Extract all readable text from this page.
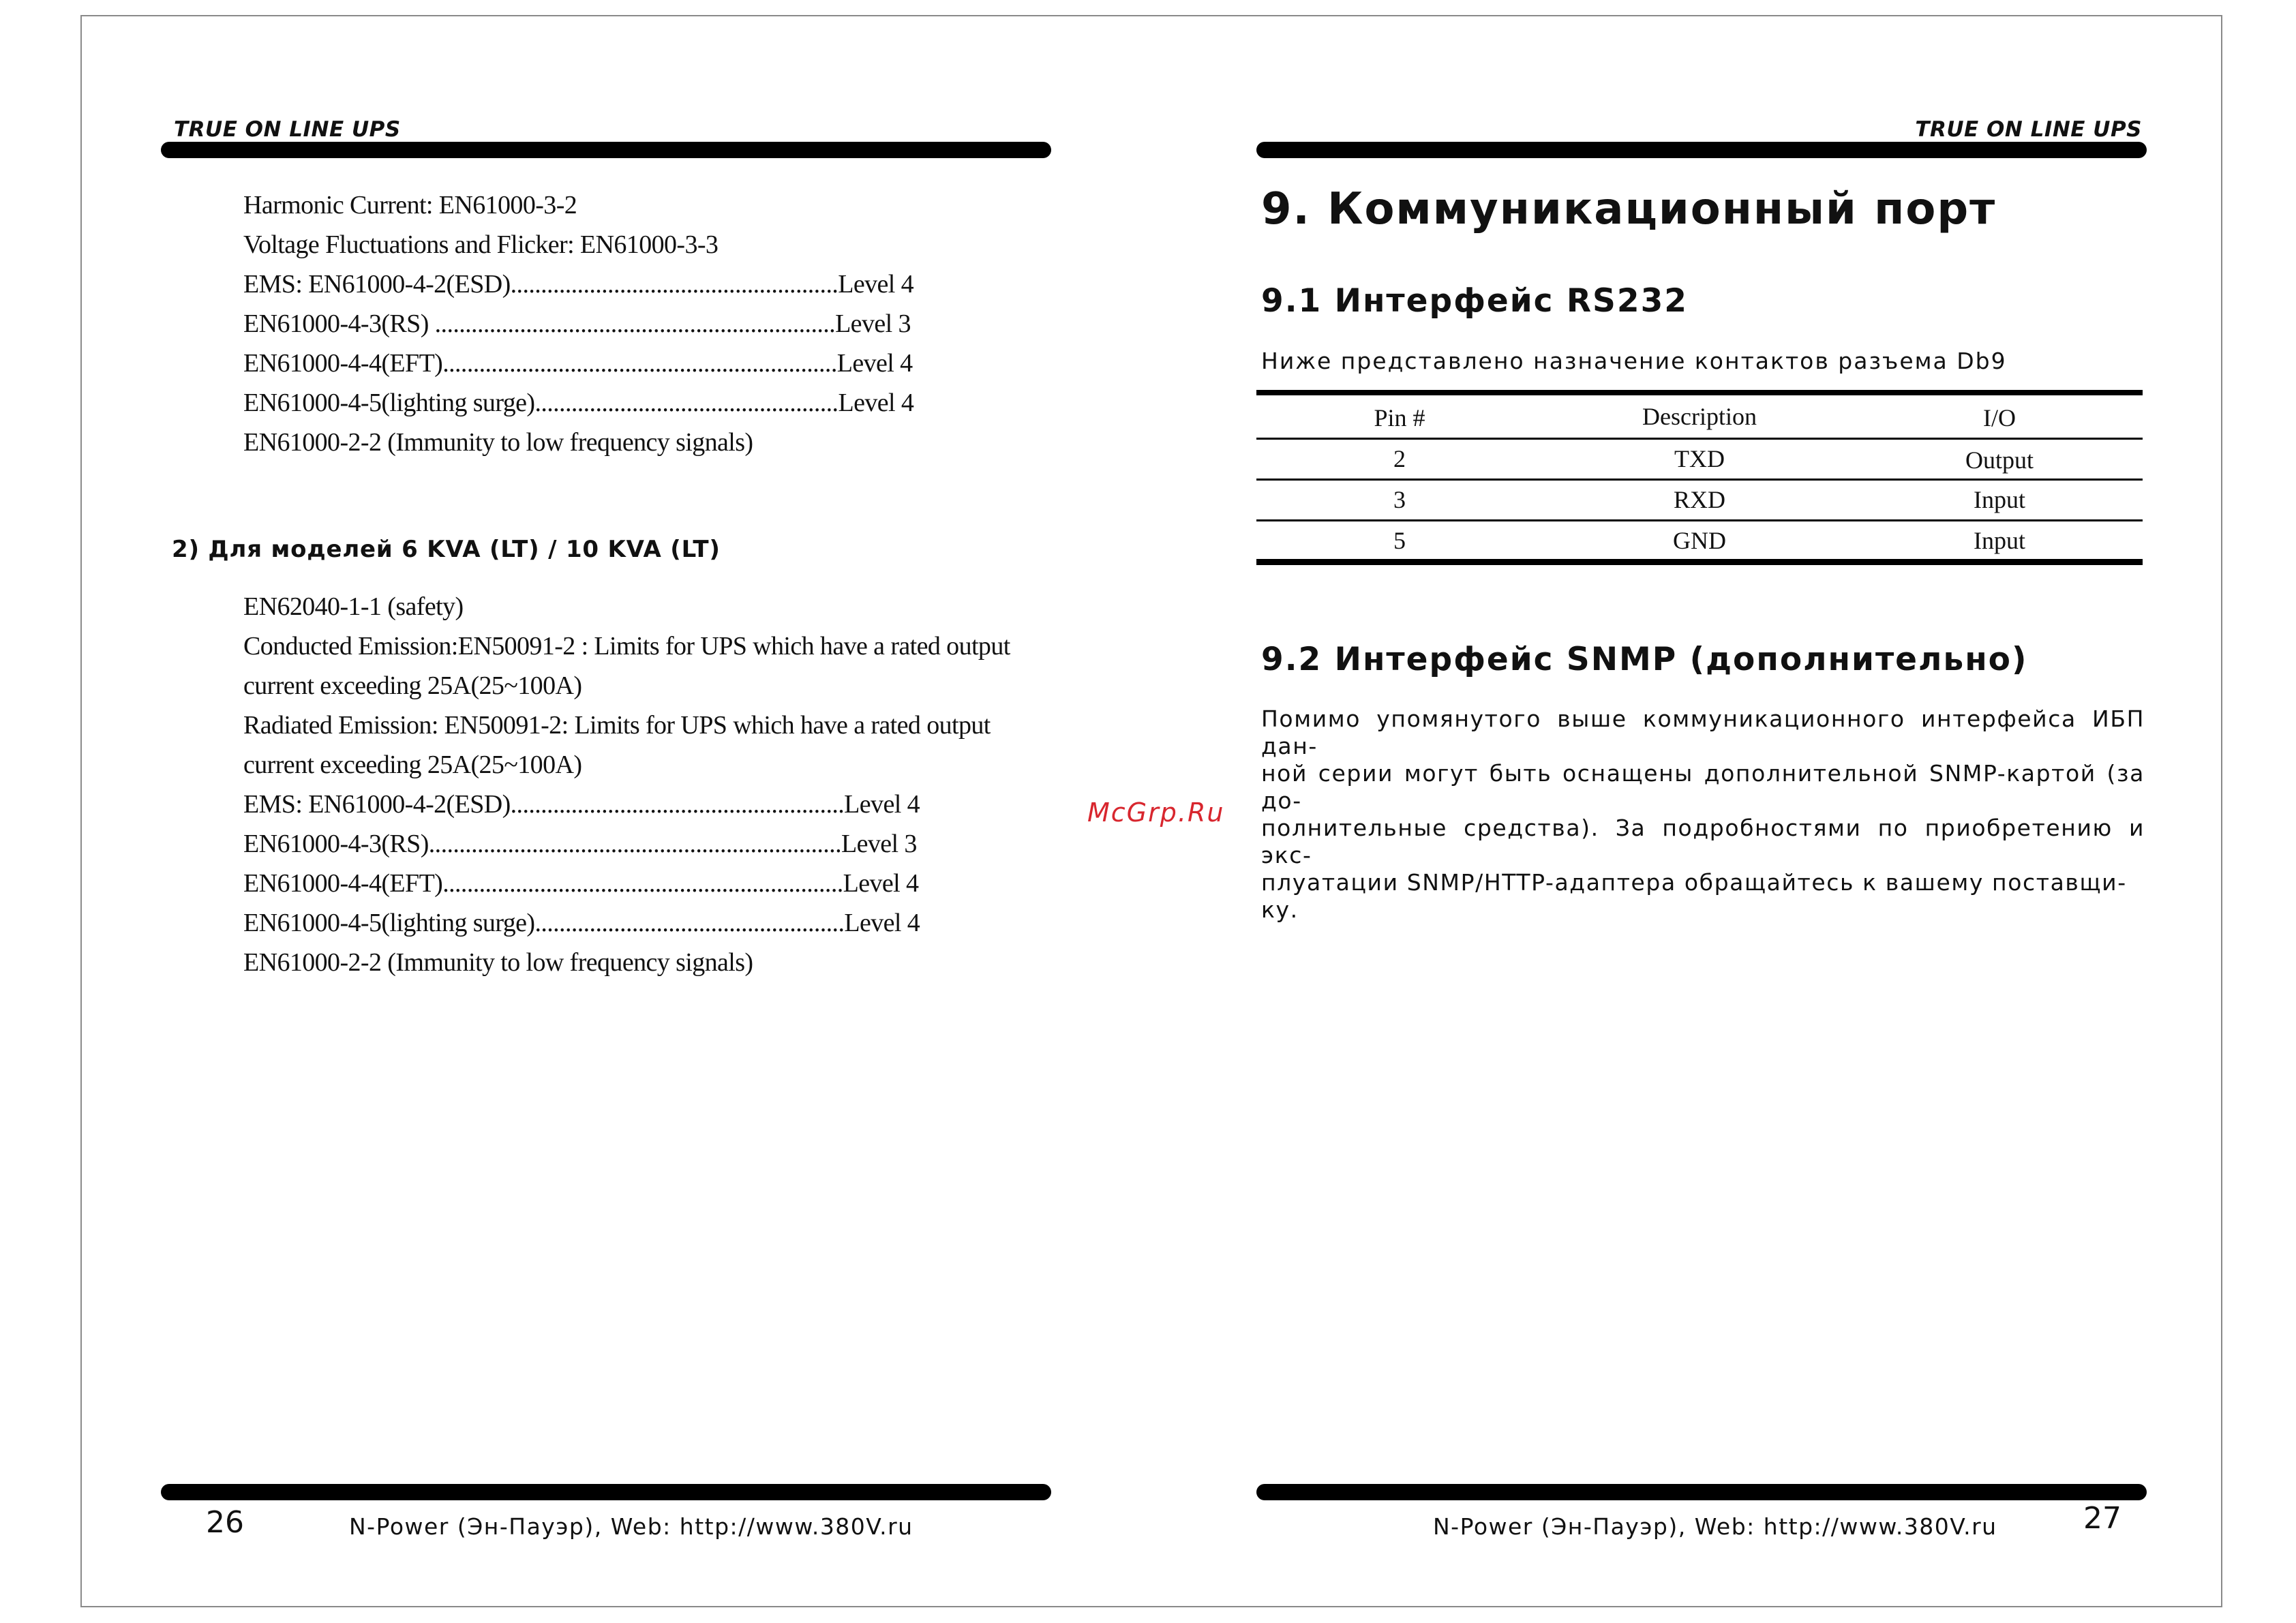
TRUE ON LINE UPS	TRUE ON LINE UPS
Harmonic Current: EN61000-3-2
Voltage Fluctuations and Flicker: EN61000-3-3
EMS: EN61000-4-2(ESD)......................................................Level 4
EN61000-4-3(RS) ..................................................................Level 3
EN61000-4-4(EFT).................................................................Level 4
EN61000-4-5(lighting surge)..................................................Level 4
EN61000-2-2 (Immunity to low frequency signals)
2) Для моделей 6 KVA (LT) / 10 KVA (LT)
EN62040-1-1 (safety)
Conducted Emission:EN50091-2 : Limits for UPS which have a rated output
current exceeding 25A(25~100A)
Radiated Emission: EN50091-2: Limits for UPS which have a rated output
current exceeding 25A(25~100A)
EMS: EN61000-4-2(ESD).......................................................Level 4
EN61000-4-3(RS)....................................................................Level 3
EN61000-4-4(EFT)..................................................................Level 4
EN61000-4-5(lighting surge)...................................................Level 4
EN61000-2-2 (Immunity to low frequency signals)
McGrp.Ru
9. Коммуникационный порт
9.1 Интерфейс RS232
Ниже представлено назначение контактов разъема Db9
Pin #	Description	I/O
2	TXD	Output
3	RXD	Input
5	GND	Input
9.2 Интерфейс SNMP (дополнительно)
Помимо упомянутого выше коммуникационного интерфейса ИБП дан-
ной серии могут быть оснащены дополнительной SNMP-картой (за до-
полнительные средства). За подробностями по приобретению и экс-
плуатации SNMP/HTTP-адаптера обращайтесь к вашему поставщи-
ку.
26	N-Power (Эн-Пауэр), Web: http://www.380V.ru	N-Power (Эн-Пауэр), Web: http://www.380V.ru	27
